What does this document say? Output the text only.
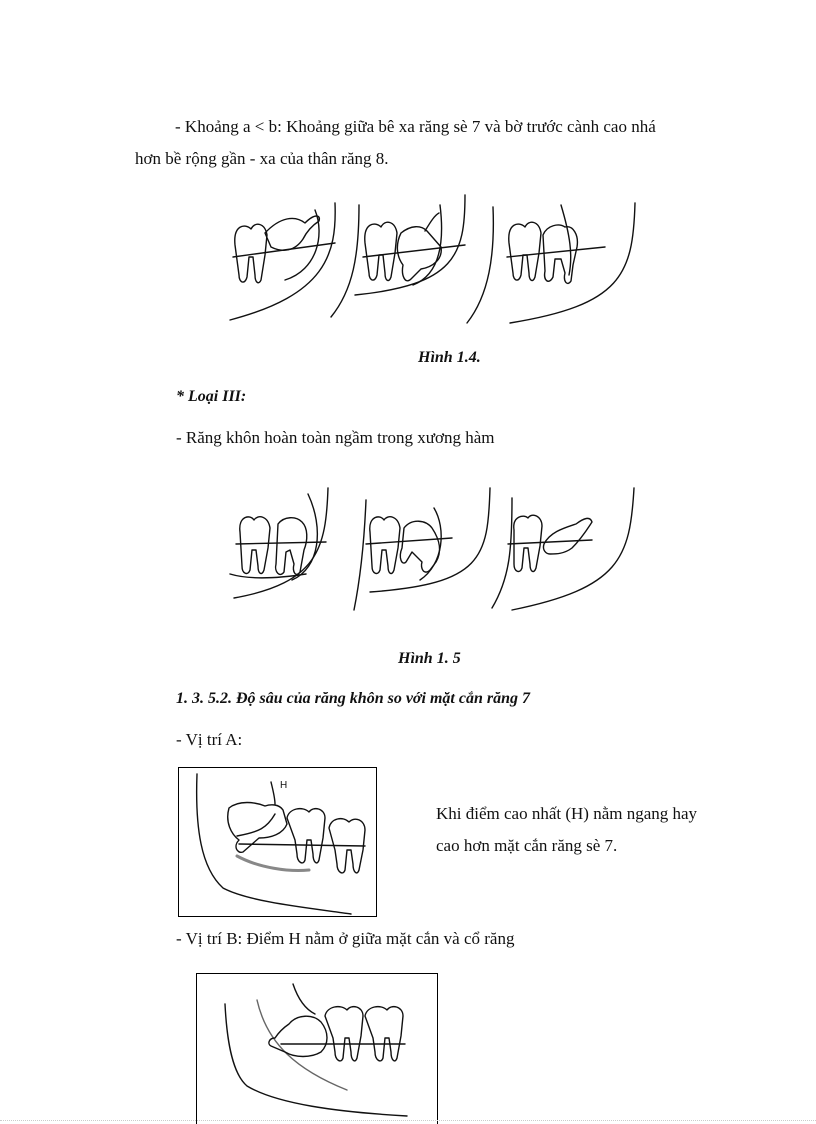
- Khoảng a < b: Khoảng giữa bê xa răng sè 7 và bờ trước cành cao nhá
hơn bề rộng gần - xa của thân răng 8.
Hình 1.4.
* Loại III:
- Răng khôn hoàn toàn ngầm trong xương hàm
Hình 1. 5
1. 3. 5.2. Độ sâu của răng khôn so với mặt cắn răng 7
- Vị trí A:
H
Khi điểm cao nhất (H) nằm ngang hay
cao hơn mặt cắn răng sè 7.
- Vị trí B: Điểm H nằm ở giữa mặt cắn và cổ răng
